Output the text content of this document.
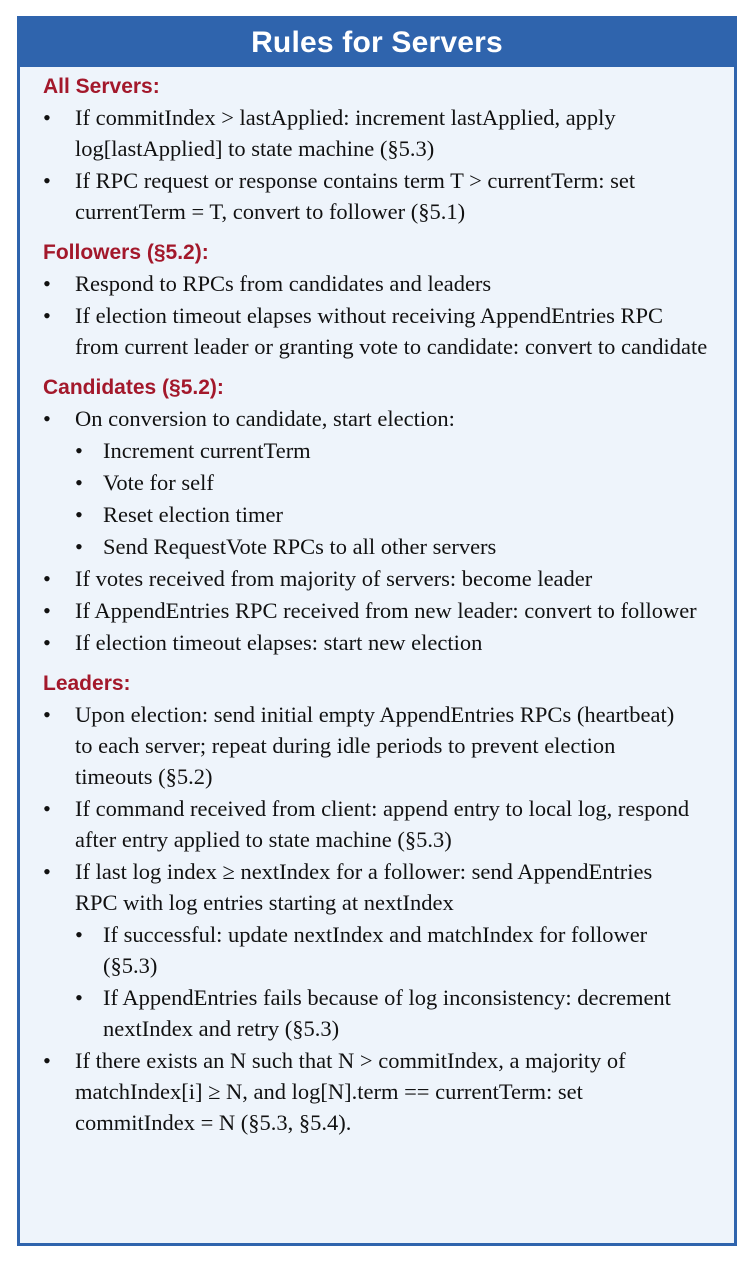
Rules for Servers
All Servers:
•	If commitIndex > lastApplied: increment lastApplied, apply log[lastApplied] to state machine (§5.3)
•	If RPC request or response contains term T > currentTerm: set currentTerm = T, convert to follower (§5.1)
Followers (§5.2):
•	Respond to RPCs from candidates and leaders
•	If election timeout elapses without receiving AppendEntries RPC from current leader or granting vote to candidate: convert to candidate
Candidates (§5.2):
•	On conversion to candidate, start election:
• Increment currentTerm
• Vote for self
• Reset election timer
• Send RequestVote RPCs to all other servers
•	If votes received from majority of servers: become leader
•	If AppendEntries RPC received from new leader: convert to follower
•	If election timeout elapses: start new election
Leaders:
•	Upon election: send initial empty AppendEntries RPCs (heartbeat) to each server; repeat during idle periods to prevent election timeouts (§5.2)
•	If command received from client: append entry to local log, respond after entry applied to state machine (§5.3)
•	If last log index ≥ nextIndex for a follower: send AppendEntries RPC with log entries starting at nextIndex
• If successful: update nextIndex and matchIndex for follower (§5.3)
• If AppendEntries fails because of log inconsistency: decrement nextIndex and retry (§5.3)
•	If there exists an N such that N > commitIndex, a majority of matchIndex[i] ≥ N, and log[N].term == currentTerm: set commitIndex = N (§5.3, §5.4).
